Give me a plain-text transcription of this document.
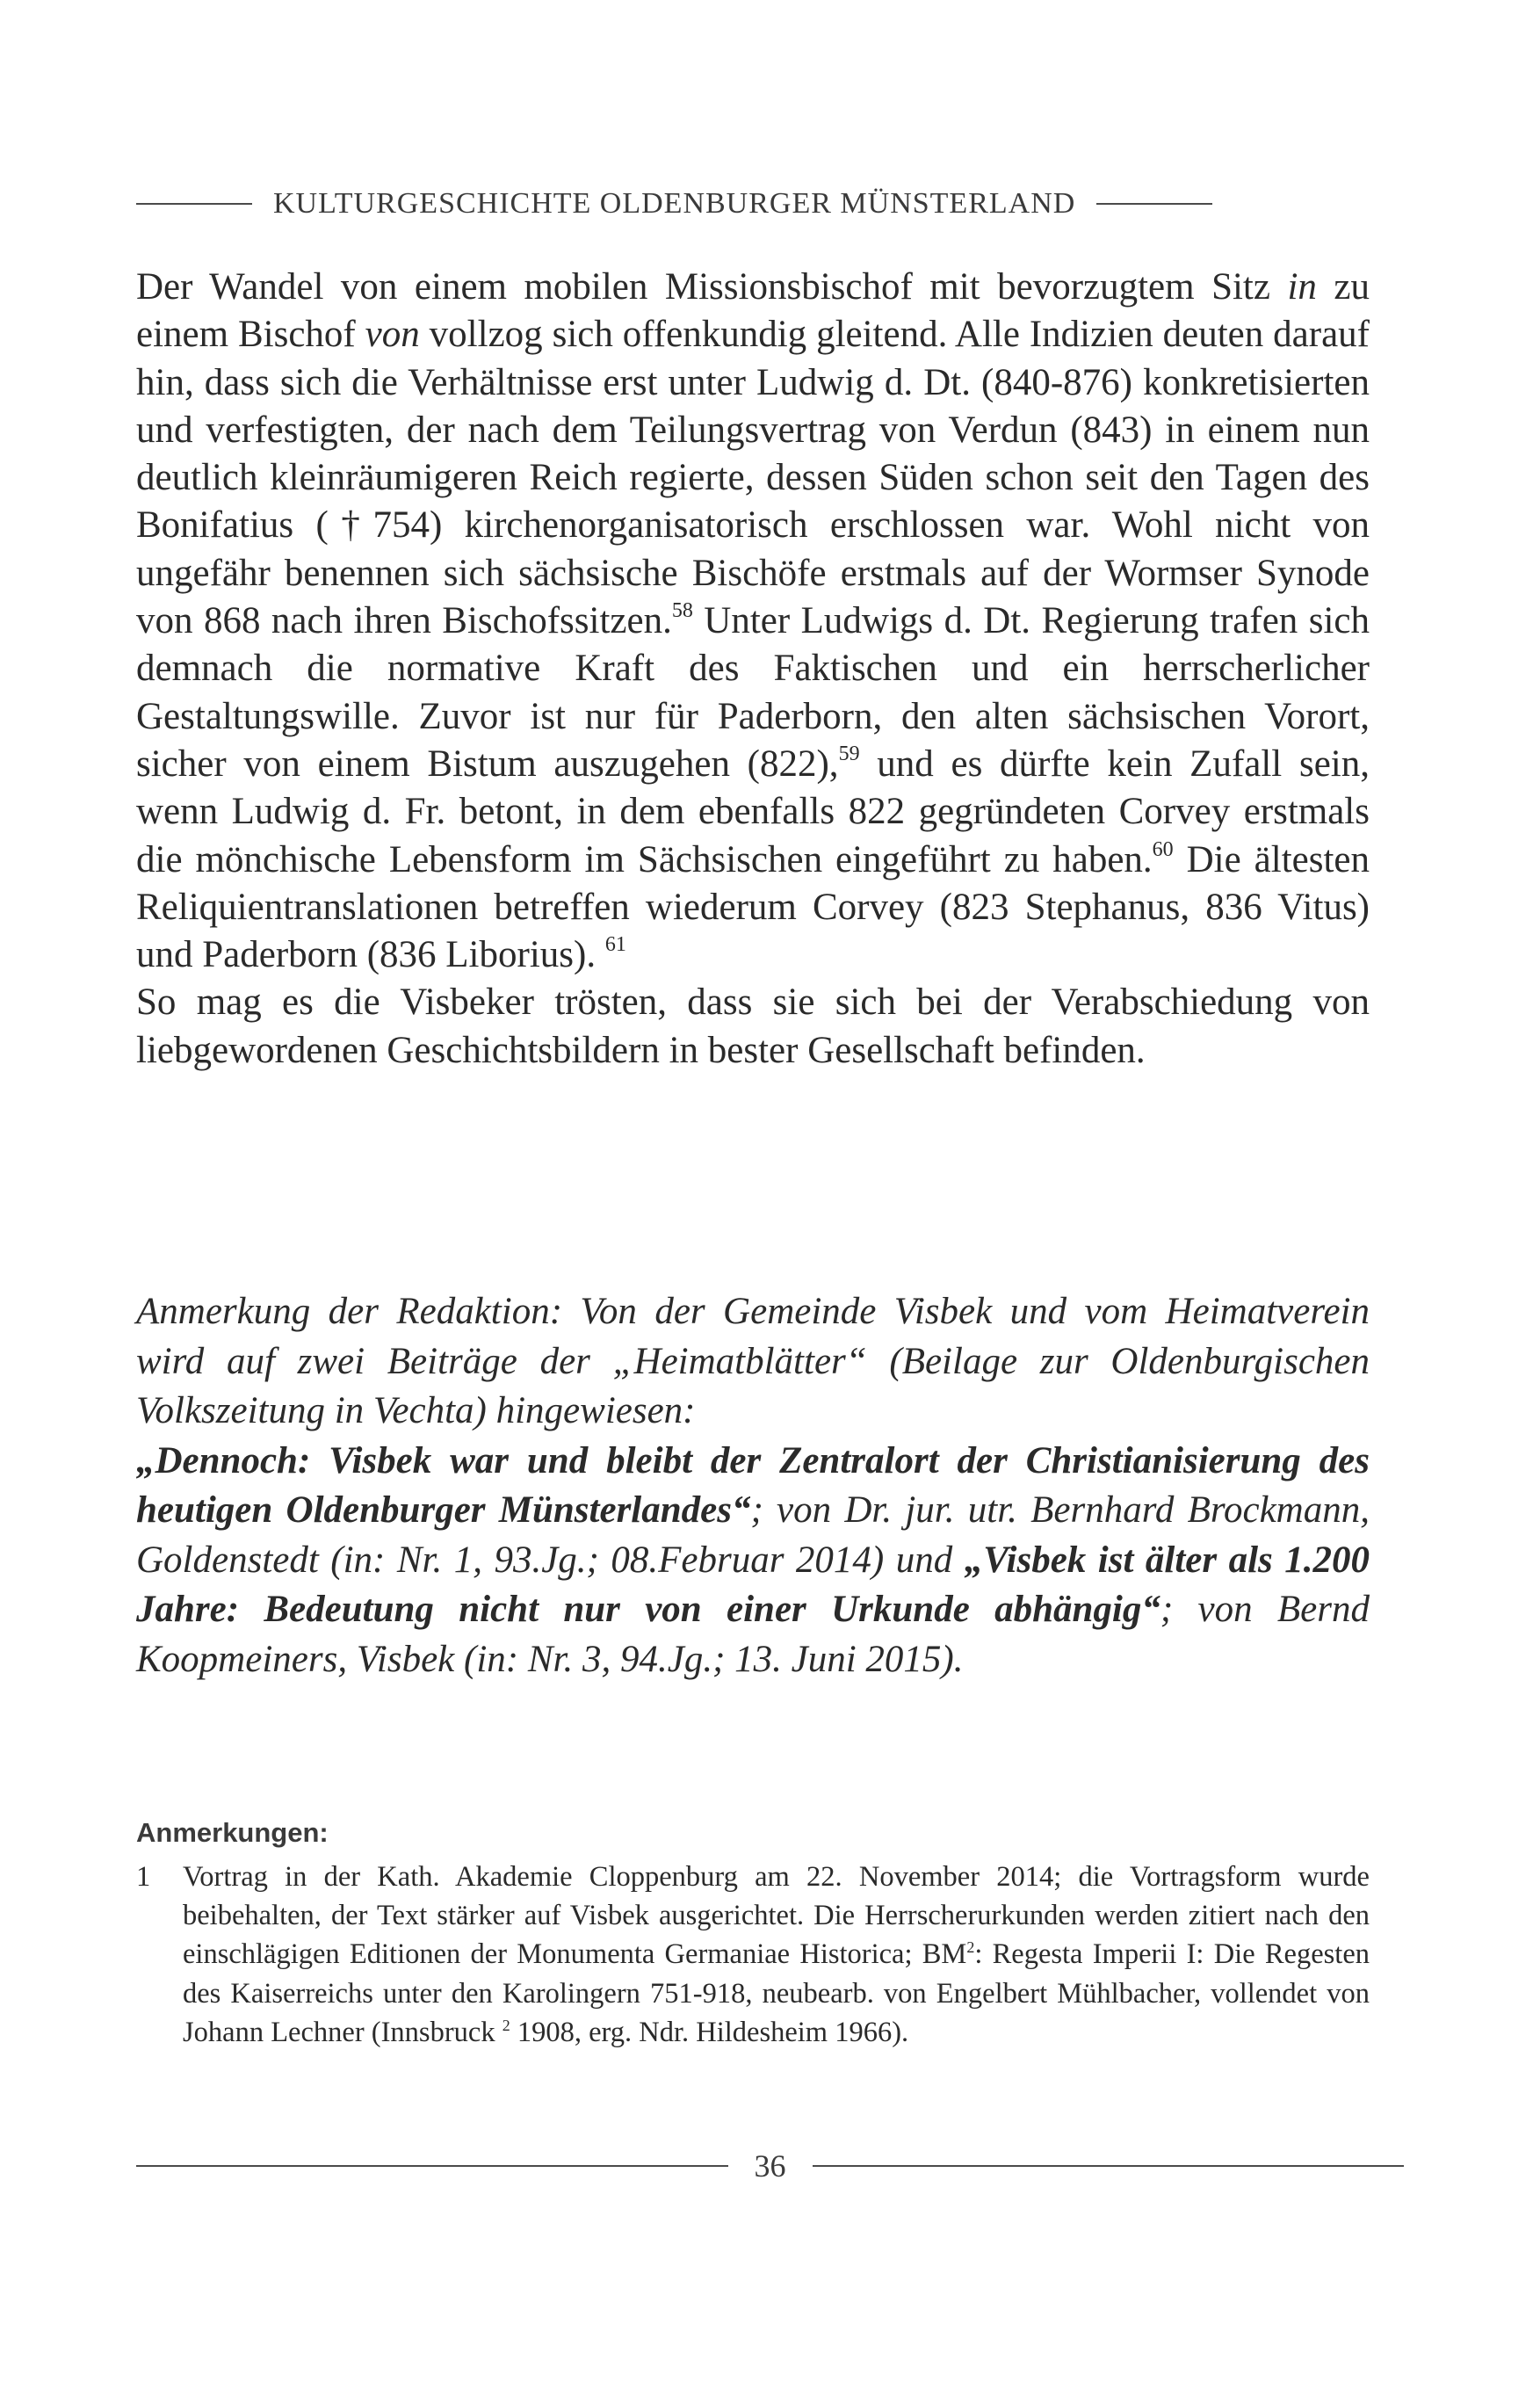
KULTURGESCHICHTE OLDENBURGER MÜNSTERLAND

Der Wandel von einem mobilen Missionsbischof mit bevorzugtem Sitz in zu einem Bischof von vollzog sich offenkundig gleitend. Alle Indizien deuten darauf hin, dass sich die Verhältnisse erst unter Ludwig d. Dt. (840-876) konkretisierten und verfestigten, der nach dem Teilungsvertrag von Verdun (843) in einem nun deutlich kleinräumigeren Reich regierte, dessen Süden schon seit den Tagen des Bonifatius (†754) kirchenorganisatorisch erschlossen war. Wohl nicht von ungefähr benennen sich sächsische Bischöfe erstmals auf der Wormser Synode von 868 nach ihren Bischofssitzen.$^{58}$ Unter Ludwigs d. Dt. Regierung trafen sich demnach die normative Kraft des Faktischen und ein herrscherlicher Gestaltungswille. Zuvor ist nur für Paderborn, den alten sächsischen Vorort, sicher von einem Bistum auszugehen (822),$^{59}$ und es dürfte kein Zufall sein, wenn Ludwig d. Fr. betont, in dem ebenfalls 822 gegründeten Corvey erstmals die mönchische Lebensform im Sächsischen eingeführt zu haben.$^{60}$ Die ältesten Reliquientranslationen betreffen wiederum Corvey (823 Stephanus, 836 Vitus) und Paderborn (836 Liborius). $^{61}$

So mag es die Visbeker trösten, dass sie sich bei der Verabschiedung von liebgewordenen Geschichtsbildern in bester Gesellschaft befinden.

Anmerkung der Redaktion: Von der Gemeinde Visbek und vom Heimatverein wird auf zwei Beiträge der „Heimatblätter“ (Beilage zur Oldenburgischen Volkszeitung in Vechta) hingewiesen:
„Dennoch: Visbek war und bleibt der Zentralort der Christianisierung des heutigen Oldenburger Münsterlandes“; von Dr. jur. utr. Bernhard Brockmann, Goldenstedt (in: Nr. 1, 93.Jg.; 08.Februar 2014) und „Visbek ist älter als 1.200 Jahre: Bedeutung nicht nur von einer Urkunde abhängig“; von Bernd Koopmeiners, Visbek (in: Nr. 3, 94.Jg.; 13. Juni 2015).

Anmerkungen:
1	Vortrag in der Kath. Akademie Cloppenburg am 22. November 2014; die Vortragsform wurde beibehalten, der Text stärker auf Visbek ausgerichtet. Die Herrscherurkunden werden zitiert nach den einschlägigen Editionen der Monumenta Germaniae Historica; $BM^2$: Regesta Imperii I: Die Regesten des Kaiserreichs unter den Karolingern 751-918, neubearb. von Engelbert Mühlbacher, vollendet von Johann Lechner (Innsbruck $^2$ 1908, erg. Ndr. Hildesheim 1966).
36
